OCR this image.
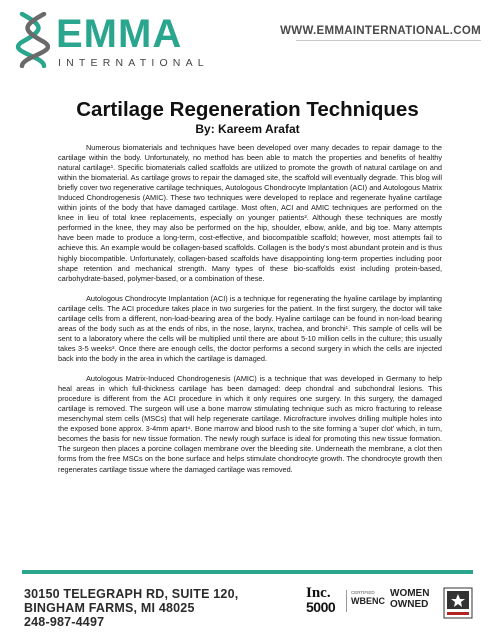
EMMA
INTERNATIONAL
WWW.EMMAINTERNATIONAL.COM
Cartilage Regeneration Techniques
By: Kareem Arafat

Numerous biomaterials and techniques have been developed over many decades to repair damage to the cartilage within the body. Unfortunately, no method has been able to match the properties and benefits of healthy natural cartilage¹. Specific biomaterials called scaffolds are utilized to promote the growth of natural cartilage on and within the biomaterial. As cartilage grows to repair the damaged site, the scaffold will eventually degrade. This blog will briefly cover two regenerative cartilage techniques, Autologous Chondrocyte Implantation (ACI) and Autologous Matrix Induced Chondrogenesis (AMIC). These two techniques were developed to replace and regenerate hyaline cartilage within joints of the body that have damaged cartilage. Most often, ACI and AMIC techniques are performed on the knee in lieu of total knee replacements, especially on younger patients². Although these techniques are mostly performed in the knee, they may also be performed on the hip, shoulder, elbow, ankle, and big toe. Many attempts have been made to produce a long-term, cost-effective, and biocompatible scaffold; however, most attempts fail to achieve this. An example would be collagen-based scaffolds. Collagen is the body's most abundant protein and is thus highly biocompatible. Unfortunately, collagen-based scaffolds have disappointing long-term properties including poor shape retention and mechanical strength. Many types of these bio-scaffolds exist including protein-based, carbohydrate-based, polymer-based, or a combination of these.

Autologous Chondrocyte Implantation (ACI) is a technique for regenerating the hyaline cartilage by implanting cartilage cells. The ACI procedure takes place in two surgeries for the patient. In the first surgery, the doctor will take cartilage cells from a different, non-load-bearing area of the body. Hyaline cartilage can be found in non-load bearing areas of the body such as at the ends of ribs, in the nose, larynx, trachea, and bronchi¹. This sample of cells will be sent to a laboratory where the cells will be multiplied until there are about 5-10 million cells in the culture; this usually takes 3-5 weeks³. Once there are enough cells, the doctor performs a second surgery in which the cells are injected back into the body in the area in which the cartilage is damaged.

Autologous Matrix-Induced Chondrogenesis (AMIC) is a technique that was developed in Germany to help heal areas in which full-thickness cartilage has been damaged: deep chondral and subchondral lesions. This procedure is different from the ACI procedure in which it only requires one surgery. In this surgery, the damaged cartilage is removed. The surgeon will use a bone marrow stimulating technique such as micro fracturing to release mesenchymal stem cells (MSCs) that will help regenerate cartilage. Microfracture involves drilling multiple holes into the exposed bone approx. 3-4mm apart⁴. Bone marrow and blood rush to the site forming a 'super clot' which, in turn, becomes the basis for new tissue formation. The newly rough surface is ideal for promoting this new tissue formation. The surgeon then places a porcine collagen membrane over the bleeding site. Underneath the membrane, a clot then forms from the free MSCs on the bone surface and helps stimulate chondrocyte growth. The chondrocyte growth then regenerates cartilage tissue where the damaged cartilage was removed.

30150 TELEGRAPH RD, SUITE 120,
BINGHAM FARMS, MI 48025
248-987-4497
Inc.
5000
CERTIFIED
WBENC
WOMEN
OWNED
